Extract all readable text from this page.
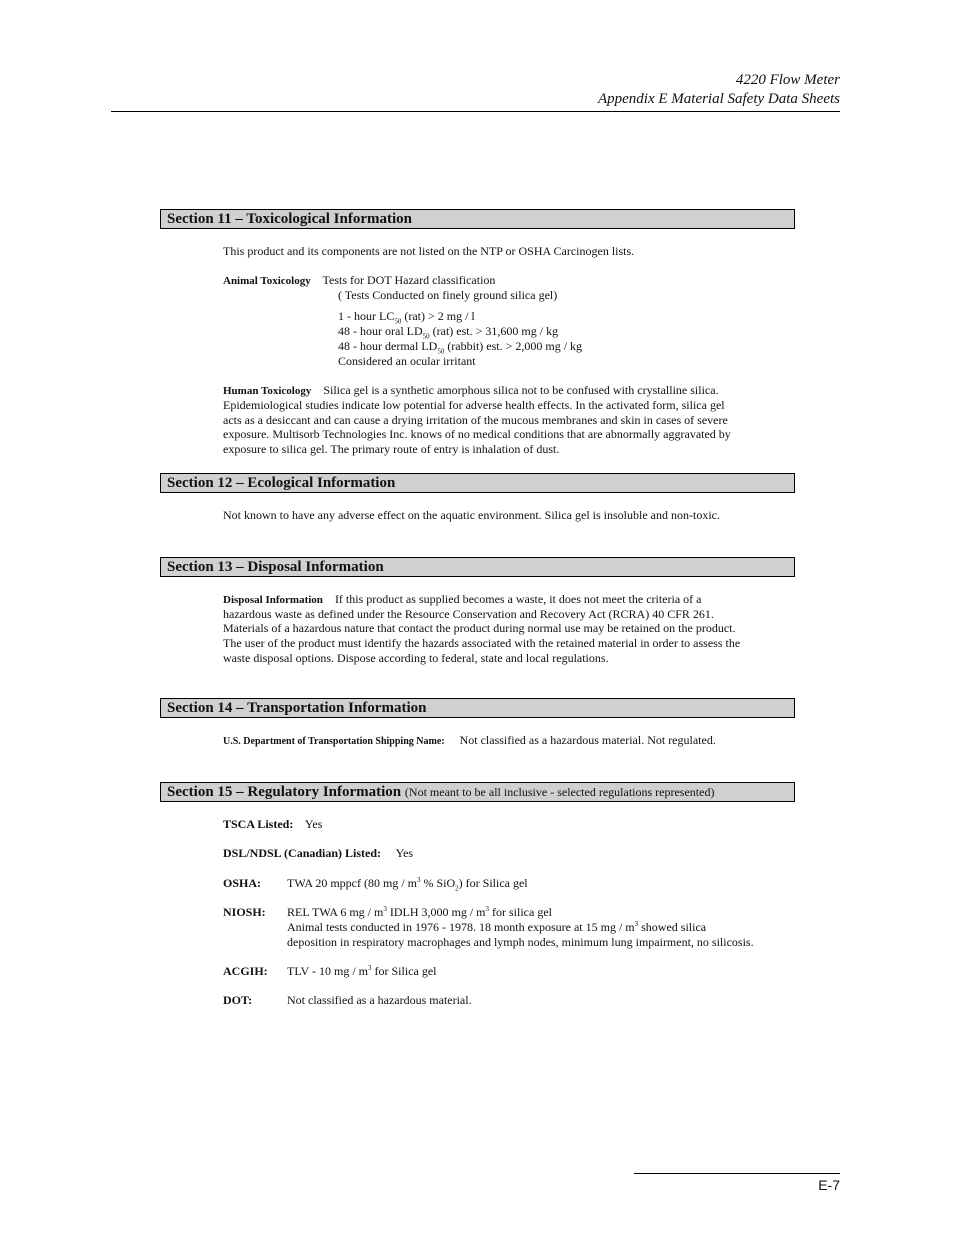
4220 Flow Meter
Appendix E Material Safety Data Sheets
Section 11 – Toxicological Information
This product and its components are not listed on the NTP or OSHA Carcinogen lists.
Animal Toxicology Tests for DOT Hazard classification
( Tests Conducted on finely ground silica gel)
1 - hour $LC_{50}$ (rat) > 2 mg / l
48 - hour oral $LD_{50}$ (rat) est. > 31,600 mg / kg
48 - hour dermal $LD_{50}$ (rabbit) est. > 2,000 mg / kg
Considered an ocular irritant
Human Toxicology Silica gel is a synthetic amorphous silica not to be confused with crystalline silica.
Epidemiological studies indicate low potential for adverse health effects. In the activated form, silica gel
acts as a desiccant and can cause a drying irritation of the mucous membranes and skin in cases of severe
exposure. Multisorb Technologies Inc. knows of no medical conditions that are abnormally aggravated by
exposure to silica gel. The primary route of entry is inhalation of dust.
Section 12 – Ecological Information
Not known to have any adverse effect on the aquatic environment. Silica gel is insoluble and non-toxic.
Section 13 – Disposal Information
Disposal Information If this product as supplied becomes a waste, it does not meet the criteria of a
hazardous waste as defined under the Resource Conservation and Recovery Act (RCRA) 40 CFR 261.
Materials of a hazardous nature that contact the product during normal use may be retained on the product.
The user of the product must identify the hazards associated with the retained material in order to assess the
waste disposal options. Dispose according to federal, state and local regulations.
Section 14 – Transportation Information
U.S. Department of Transportation Shipping Name: Not classified as a hazardous material. Not regulated.
Section 15 – Regulatory Information (Not meant to be all inclusive - selected regulations represented)
TSCA Listed: Yes
DSL/NDSL (Canadian) Listed: Yes
OSHA: TWA 20 mppcf (80 mg / $m^3$ % SiO$_2$) for Silica gel
NIOSH: REL TWA 6 mg / $m^3$ IDLH 3,000 mg / $m^3$ for silica gel
Animal tests conducted in 1976 - 1978. 18 month exposure at 15 mg / $m^3$ showed silica
deposition in respiratory macrophages and lymph nodes, minimum lung impairment, no silicosis.
ACGIH: TLV - 10 mg / $m^3$ for Silica gel
DOT:	Not classified as a hazardous material.
E-7
